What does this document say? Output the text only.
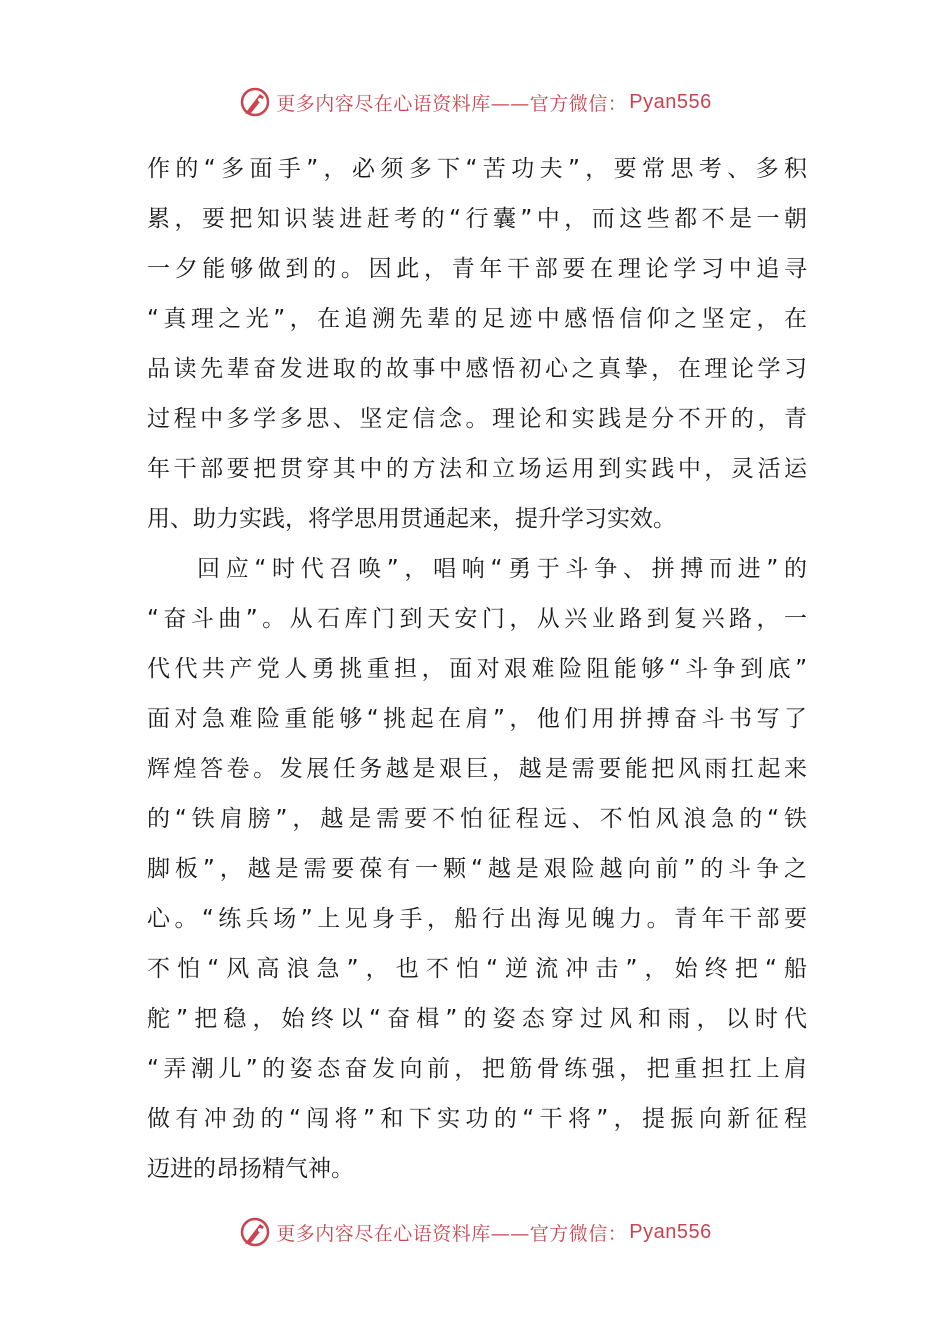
更多内容尽在心语资料库—— 官方微信： Pyan556
作的“多面手”，必须多下“苦功夫”，要常思考、多积
累，要把知识装进赶考的“行囊”中，而这些都不是一朝
一夕能够做到的。因此，青年干部要在理论学习中追寻
“真理之光”，在追溯先辈的足迹中感悟信仰之坚定，在
品读先辈奋发进取的故事中感悟初心之真挚，在理论学习
过程中多学多思、坚定信念。理论和实践是分不开的，青
年干部要把贯穿其中的方法和立场运用到实践中，灵活运
用、助力实践，将学思用贯通起来，提升学习实效。
回应“时代召唤”，唱响“勇于斗争、拼搏而进”的
“奋斗曲”。从石库门到天安门，从兴业路到复兴路，一
代代共产党人勇挑重担，面对艰难险阻能够“斗争到底”
面对急难险重能够“挑起在肩”，他们用拼搏奋斗书写了
辉煌答卷。发展任务越是艰巨，越是需要能把风雨扛起来
的“铁肩膀”，越是需要不怕征程远、不怕风浪急的“铁
脚板”，越是需要葆有一颗“越是艰险越向前”的斗争之
心。“练兵场”上见身手，船行出海见魄力。青年干部要
不怕“风高浪急”，也不怕“逆流冲击”，始终把“船
舵”把稳，始终以“奋楫”的姿态穿过风和雨，以时代
“弄潮儿”的姿态奋发向前，把筋骨练强，把重担扛上肩
做有冲劲的“闯将”和下实功的“干将”，提振向新征程
迈进的昂扬精气神。
更多内容尽在心语资料库—— 官方微信： Pyan556
